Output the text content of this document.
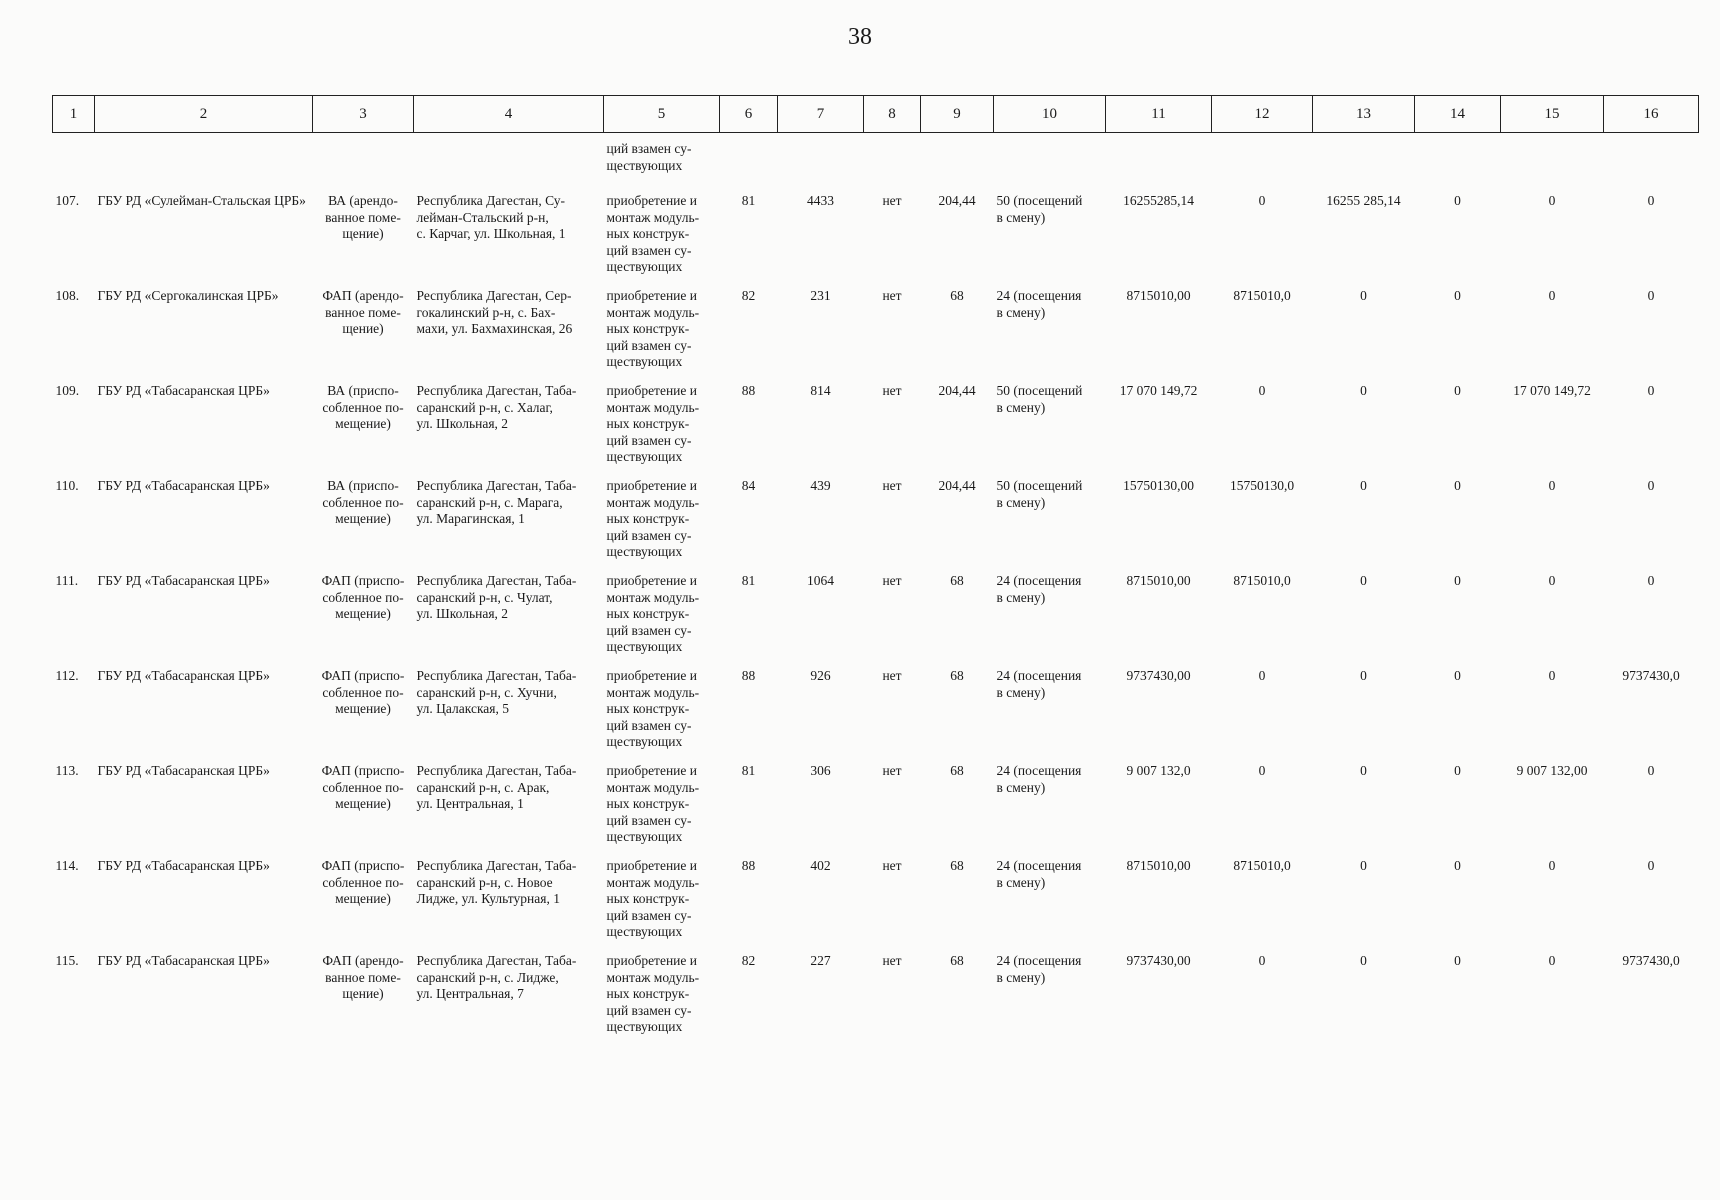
38
1	2	3	4	5	6	7	8	9	10	11	12	13	14	15	16
				ций взамен су-
ществующих											
107.	ГБУ РД «Сулейман-Стальская ЦРБ»	ВА (арендо-
ванное поме-
щение)	Республика Дагестан, Су-
лейман-Стальский р-н,
с. Карчаг, ул. Школьная, 1	приобретение и
монтаж модуль-
ных конструк-
ций взамен су-
ществующих	81	4433	нет	204,44	50 (посещений
в смену)	16255285,14	0	16255 285,14	0	0	0
108.	ГБУ РД «Сергокалинская ЦРБ»	ФАП (арендо-
ванное поме-
щение)	Республика Дагестан, Сер-
гокалинский р-н, с. Бах-
махи, ул. Бахмахинская, 26	приобретение и
монтаж модуль-
ных конструк-
ций взамен су-
ществующих	82	231	нет	68	24 (посещения
в смену)	8715010,00	8715010,0	0	0	0	0
109.	ГБУ РД «Табасаранская ЦРБ»	ВА (приспо-
собленное по-
мещение)	Республика Дагестан, Таба-
саранский р-н, с. Халаг,
ул. Школьная, 2	приобретение и
монтаж модуль-
ных конструк-
ций взамен су-
ществующих	88	814	нет	204,44	50 (посещений
в смену)	17 070 149,72	0	0	0	17 070 149,72	0
110.	ГБУ РД «Табасаранская ЦРБ»	ВА (приспо-
собленное по-
мещение)	Республика Дагестан, Таба-
саранский р-н, с. Марага,
ул. Марагинская, 1	приобретение и
монтаж модуль-
ных конструк-
ций взамен су-
ществующих	84	439	нет	204,44	50 (посещений
в смену)	15750130,00	15750130,0	0	0	0	0
111.	ГБУ РД «Табасаранская ЦРБ»	ФАП (приспо-
собленное по-
мещение)	Республика Дагестан, Таба-
саранский р-н, с. Чулат,
ул. Школьная, 2	приобретение и
монтаж модуль-
ных конструк-
ций взамен су-
ществующих	81	1064	нет	68	24 (посещения
в смену)	8715010,00	8715010,0	0	0	0	0
112.	ГБУ РД «Табасаранская ЦРБ»	ФАП (приспо-
собленное по-
мещение)	Республика Дагестан, Таба-
саранский р-н, с. Хучни,
ул. Цалакская, 5	приобретение и
монтаж модуль-
ных конструк-
ций взамен су-
ществующих	88	926	нет	68	24 (посещения
в смену)	9737430,00	0	0	0	0	9737430,0
113.	ГБУ РД «Табасаранская ЦРБ»	ФАП (приспо-
собленное по-
мещение)	Республика Дагестан, Таба-
саранский р-н, с. Арак,
ул. Центральная, 1	приобретение и
монтаж модуль-
ных конструк-
ций взамен су-
ществующих	81	306	нет	68	24 (посещения
в смену)	9 007 132,0	0	0	0	9 007 132,00	0
114.	ГБУ РД «Табасаранская ЦРБ»	ФАП (приспо-
собленное по-
мещение)	Республика Дагестан, Таба-
саранский р-н, с. Новое
Лидже, ул. Культурная, 1	приобретение и
монтаж модуль-
ных конструк-
ций взамен су-
ществующих	88	402	нет	68	24 (посещения
в смену)	8715010,00	8715010,0	0	0	0	0
115.	ГБУ РД «Табасаранская ЦРБ»	ФАП (арендо-
ванное поме-
щение)	Республика Дагестан, Таба-
саранский р-н, с. Лидже,
ул. Центральная, 7	приобретение и
монтаж модуль-
ных конструк-
ций взамен су-
ществующих	82	227	нет	68	24 (посещения
в смену)	9737430,00	0	0	0	0	9737430,0
